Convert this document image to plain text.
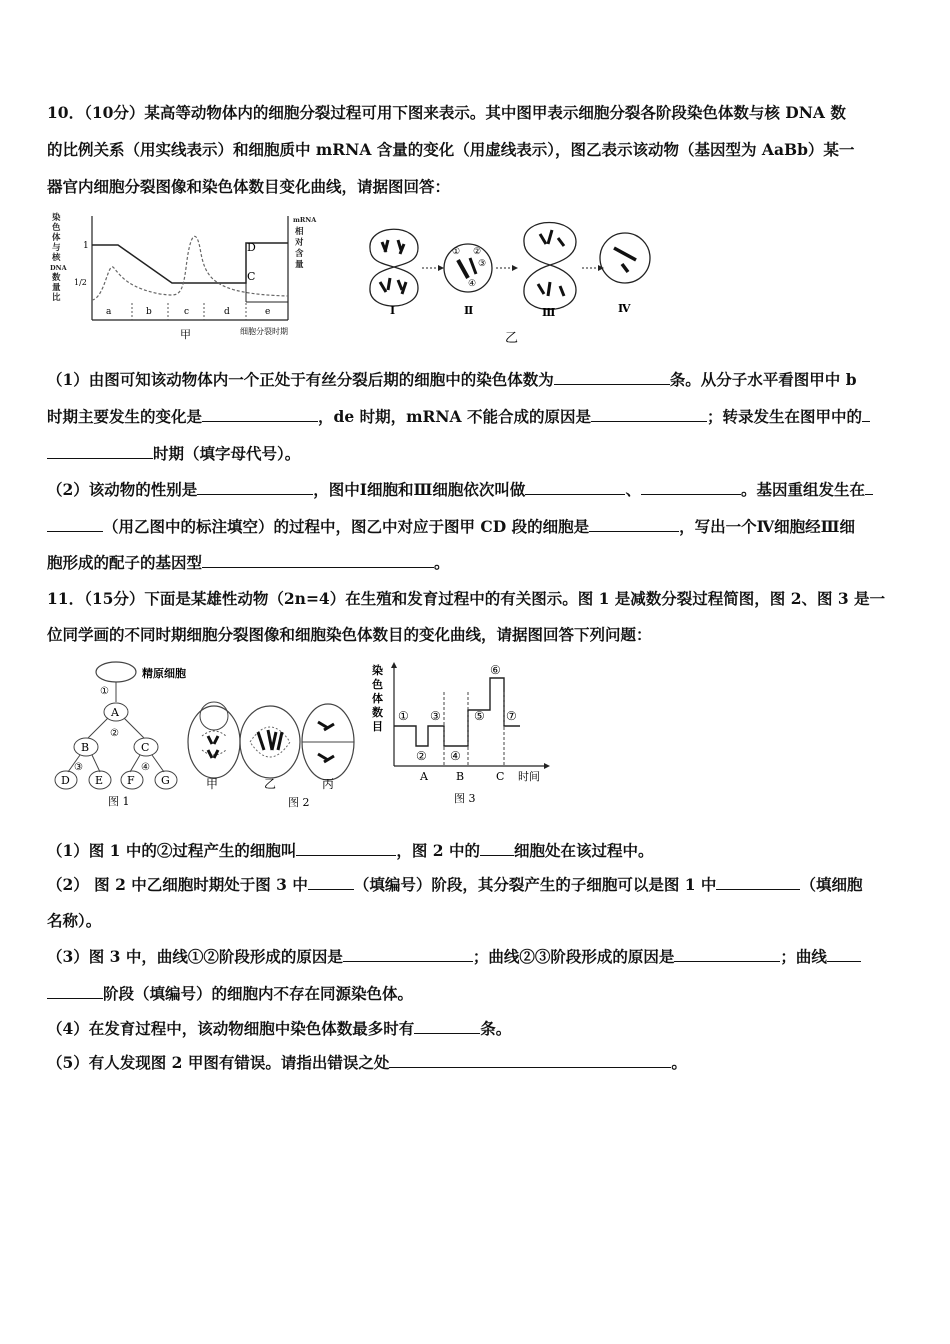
10．（10分）某高等动物体内的细胞分裂过程可用下图来表示。其中图甲表示细胞分裂各阶段染色体数与核 DNA 数
的比例关系（用实线表示）和细胞质中 mRNA 含量的变化（用虚线表示），图乙表示该动物（基因型为 AaBb）某一
器官内细胞分裂图像和染色体数目变化曲线，请据图回答：
染
色
体
与
核
DNA
数
量
比
mRNA
相
对
含
量
1
1/2
D
C
a	b	c	d	e
甲	细胞分裂时期
① ②
③
④
Ⅰ	Ⅱ	Ⅲ	Ⅳ
乙
（1）由图可知该动物体内一个正处于有丝分裂后期的细胞中的染色体数为	条。从分子水平看图甲中 b
时期主要发生的变化是	，de 时期，mRNA 不能合成的原因是	；转录发生在图甲中的
时期（填字母代号）。
（2）该动物的性别是	，图中Ⅰ细胞和Ⅲ细胞依次叫做	、	。基因重组发生在
（用乙图中的标注填空）的过程中，图乙中对应于图甲 CD 段的细胞是	，写出一个Ⅳ细胞经Ⅲ细
胞形成的配子的基因型	。
11．（15分）下面是某雄性动物（2n=4）在生殖和发育过程中的有关图示。图 1 是减数分裂过程简图，图 2、图 3 是一
位同学画的不同时期细胞分裂图像和细胞染色体数目的变化曲线，请据图回答下列问题：
精原细胞
①
A
②
B	C
③	④
D E F G
图 1
甲	乙	丙
图 2
染
色
体
数
目
①
②
③
④
⑤
⑥
⑦
A	B	C 时间
图 3
（1）图 1 中的②过程产生的细胞叫	，图 2 中的 细胞处在该过程中。
（2） 图 2 中乙细胞时期处于图 3 中	（填编号）阶段，其分裂产生的子细胞可以是图 1 中	（填细胞
名称）。
（3）图 3 中，曲线①②阶段形成的原因是	；曲线②③阶段形成的原因是	；曲线
阶段（填编号）的细胞内不存在同源染色体。
（4）在发育过程中，该动物细胞中染色体数最多时有	条。
（5）有人发现图 2 甲图有错误。请指出错误之处	。
